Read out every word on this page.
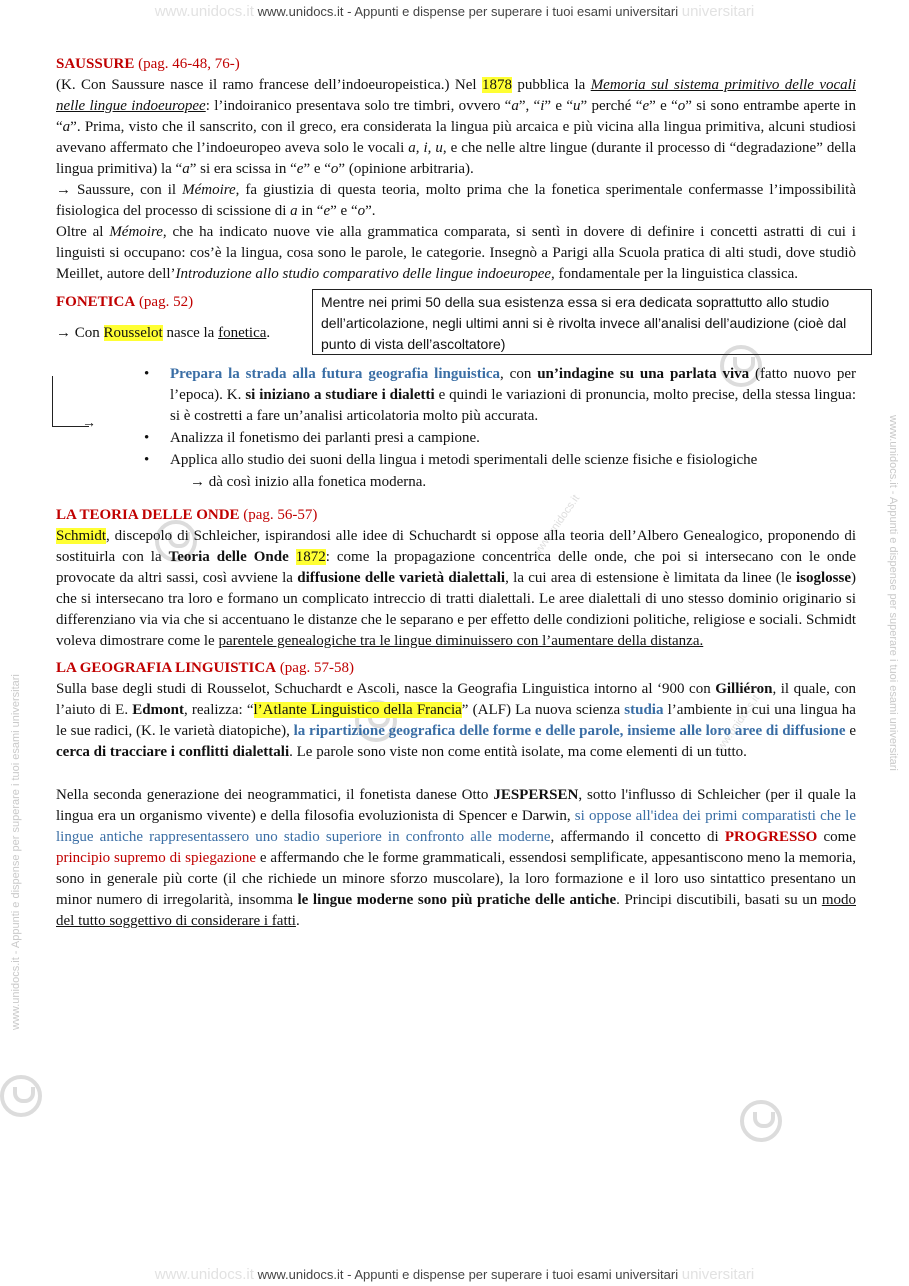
www.unidocs.it www.unidocs.it - Appunti e dispense per superare i tuoi esami universitari universitari
www.unidocs.it - Appunti e dispense per superare i tuoi esami universitari
www.unidocs.it - Appunti e dispense per superare i tuoi esami universitari
www.unidocs.it
www.unidocs.it
→

SAUSSURE (pag. 46-48, 76-)

(K. Con Saussure nasce il ramo francese dell’indoeuropeistica.) Nel 1878 pubblica la Memoria sul sistema primitivo delle vocali nelle lingue indoeuropee: l’indoiranico presentava solo tre timbri, ovvero “a”, “i” e “u” perché “e” e “o” si sono entrambe aperte in “a”. Prima, visto che il sanscrito, con il greco, era considerata la lingua più arcaica e più vicina alla lingua primitiva, alcuni studiosi avevano affermato che l’indoeuropeo aveva solo le vocali a, i, u, e che nelle altre lingue (durante il processo di “degradazione” della lingua primitiva) la “a” si era scissa in “e” e “o” (opinione arbitraria).

→ Saussure, con il Mémoire, fa giustizia di questa teoria, molto prima che la fonetica sperimentale confermasse l’impossibilità fisiologica del processo di scissione di a in “e” e “o”.

Oltre al Mémoire, che ha indicato nuove vie alla grammatica comparata, si sentì in dovere di definire i concetti astratti di cui i linguisti si occupano: cos’è la lingua, cosa sono le parole, le categorie. Insegnò a Parigi alla Scuola pratica di alti studi, dove studiò Meillet, autore dell’Introduzione allo studio comparativo delle lingue indoeuropee, fondamentale per la linguistica classica.

FONETICA (pag. 52)

→ Con Rousselot nasce la fonetica.

Mentre nei primi 50 della sua esistenza essa si era dedicata soprattutto allo studio dell’articolazione, negli ultimi anni si è rivolta invece all’analisi dell’audizione (cioè dal punto di vista dell’ascoltatore)
• Prepara la strada alla futura geografia linguistica, con un’indagine su una parlata viva (fatto nuovo per l’epoca). K. si iniziano a studiare i dialetti e quindi le variazioni di pronuncia, molto precise, della stessa lingua: si è costretti a fare un’analisi articolatoria molto più accurata.
• Analizza il fonetismo dei parlanti presi a campione.
• Applica allo studio dei suoni della lingua i metodi sperimentali delle scienze fisiche e fisiologiche

→ dà così inizio alla fonetica moderna.

LA TEORIA DELLE ONDE (pag. 56-57)

Schmidt, discepolo di Schleicher, ispirandosi alle idee di Schuchardt si oppose alla teoria dell’Albero Genealogico, proponendo di sostituirla con la Teoria delle Onde 1872: come la propagazione concentrica delle onde, che poi si intersecano con le onde provocate da altri sassi, così avviene la diffusione delle varietà dialettali, la cui area di estensione è limitata da linee (le isoglosse) che si intersecano tra loro e formano un complicato intreccio di tratti dialettali. Le aree dialettali di uno stesso dominio originario si differenziano via via che si accentuano le distanze che le separano e per effetto delle condizioni politiche, religiose e sociali. Schmidt voleva dimostrare come le parentele genealogiche tra le lingue diminuissero con l’aumentare della distanza.

LA GEOGRAFIA LINGUISTICA (pag. 57-58)

Sulla base degli studi di Rousselot, Schuchardt e Ascoli, nasce la Geografia Linguistica intorno al ‘900 con Gilliéron, il quale, con l’aiuto di E. Edmont, realizza: “l’Atlante Linguistico della Francia” (ALF) La nuova scienza studia l’ambiente in cui una lingua ha le sue radici, (K. le varietà diatopiche), la ripartizione geografica delle forme e delle parole, insieme alle loro aree di diffusione e cerca di tracciare i conflitti dialettali. Le parole sono viste non come entità isolate, ma come elementi di un tutto.

Nella seconda generazione dei neogrammatici, il fonetista danese Otto JESPERSEN, sotto l'influsso di Schleicher (per il quale la lingua era un organismo vivente) e della filosofia evoluzionista di Spencer e Darwin, si oppose all'idea dei primi comparatisti che le lingue antiche rappresentassero uno stadio superiore in confronto alle moderne, affermando il concetto di PROGRESSO come principio supremo di spiegazione e affermando che le forme grammaticali, essendosi semplificate, appesantiscono meno la memoria, sono in generale più corte (il che richiede un minore sforzo muscolare), la loro formazione e il loro uso sintattico presentano un minor numero di irregolarità, insomma le lingue moderne sono più pratiche delle antiche. Principi discutibili, basati su un modo del tutto soggettivo di considerare i fatti.

www.unidocs.it www.unidocs.it - Appunti e dispense per superare i tuoi esami universitari universitari
